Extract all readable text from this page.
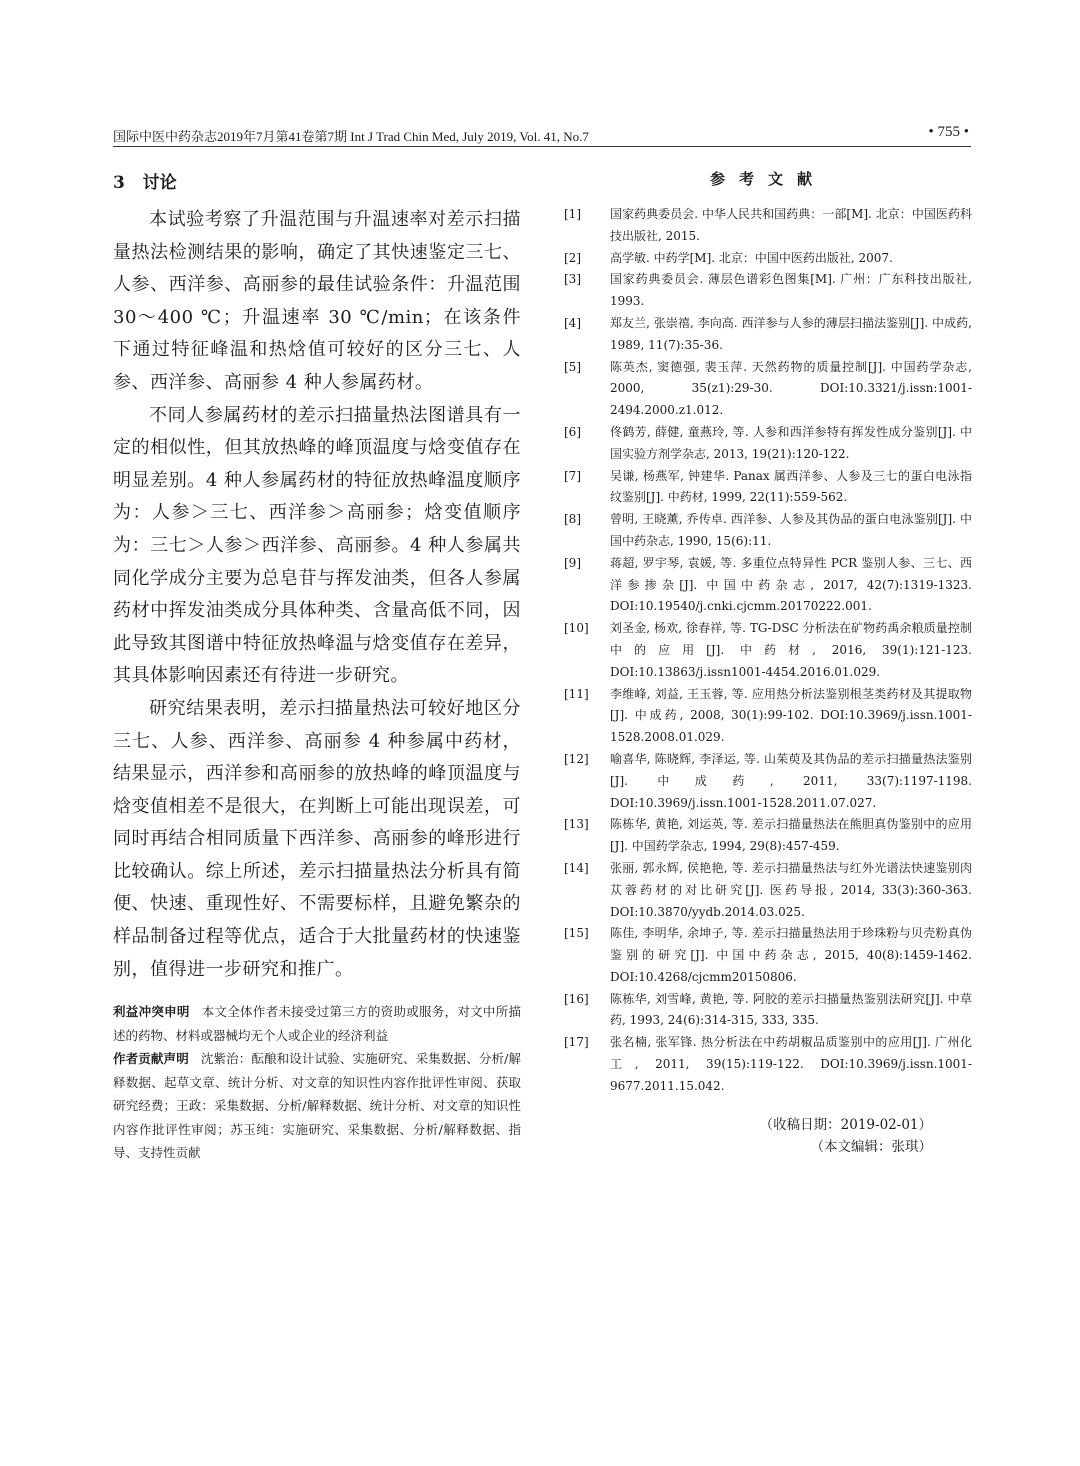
国际中医中药杂志2019年7月第41卷第7期 Int J Trad Chin Med, July 2019, Vol. 41, No.7	• 755 •
3 讨论

本试验考察了升温范围与升温速率对差示扫描量热法检测结果的影响，确定了其快速鉴定三七、人参、西洋参、高丽参的最佳试验条件：升温范围 30～400 ℃；升温速率 30 ℃/min；在该条件下通过特征峰温和热焓值可较好的区分三七、人参、西洋参、高丽参 4 种人参属药材。

不同人参属药材的差示扫描量热法图谱具有一定的相似性，但其放热峰的峰顶温度与焓变值存在明显差别。4 种人参属药材的特征放热峰温度顺序为：人参＞三七、西洋参＞高丽参；焓变值顺序为：三七＞人参＞西洋参、高丽参。4 种人参属共同化学成分主要为总皂苷与挥发油类，但各人参属药材中挥发油类成分具体种类、含量高低不同，因此导致其图谱中特征放热峰温与焓变值存在差异，其具体影响因素还有待进一步研究。

研究结果表明，差示扫描量热法可较好地区分三七、人参、西洋参、高丽参 4 种参属中药材，结果显示，西洋参和高丽参的放热峰的峰顶温度与焓变值相差不是很大，在判断上可能出现误差，可同时再结合相同质量下西洋参、高丽参的峰形进行比较确认。综上所述，差示扫描量热法分析具有简便、快速、重现性好、不需要标样，且避免繁杂的样品制备过程等优点，适合于大批量药材的快速鉴别，值得进一步研究和推广。

利益冲突申明 本文全体作者未接受过第三方的资助或服务，对文中所描述的药物、材料或器械均无个人或企业的经济利益

作者贡献声明 沈紫治：酝酿和设计试验、实施研究、采集数据、分析/解释数据、起草文章、统计分析、对文章的知识性内容作批评性审阅、获取研究经费；王政：采集数据、分析/解释数据、统计分析、对文章的知识性内容作批评性审阅；苏玉纯：实施研究、采集数据、分析/解释数据、指导、支持性贡献

参考文献
[1]	国家药典委员会. 中华人民共和国药典：一部[M]. 北京：中国医药科技出版社, 2015.
[2]	高学敏. 中药学[M]. 北京：中国中医药出版社, 2007.
[3]	国家药典委员会. 薄层色谱彩色图集[M]. 广州：广东科技出版社, 1993.
[4]	郑友兰, 张崇禧, 李向高. 西洋参与人参的薄层扫描法鉴别[J]. 中成药, 1989, 11(7):35-36.
[5]	陈英杰, 窦德强, 裴玉萍. 天然药物的质量控制[J]. 中国药学杂志, 2000, 35(z1):29-30. DOI:10.3321/j.issn:1001-2494.2000.z1.012.
[6]	佟鹤芳, 薛健, 童燕玲, 等. 人参和西洋参特有挥发性成分鉴别[J]. 中国实验方剂学杂志, 2013, 19(21):120-122.
[7]	吴谦, 杨燕军, 钟建华. Panax 属西洋参、人参及三七的蛋白电泳指纹鉴别[J]. 中药材, 1999, 22(11):559-562.
[8]	曾明, 王晓薰, 乔传卓. 西洋参、人参及其伪品的蛋白电泳鉴别[J]. 中国中药杂志, 1990, 15(6):11.
[9]	蒋超, 罗宇琴, 袁媛, 等. 多重位点特异性 PCR 鉴别人参、三七、西洋参掺杂[J]. 中国中药杂志, 2017, 42(7):1319-1323. DOI:10.19540/j.cnki.cjcmm.20170222.001.
[10]	刘圣金, 杨欢, 徐春祥, 等. TG-DSC 分析法在矿物药禹余粮质量控制中的应用[J]. 中药材, 2016, 39(1):121-123. DOI:10.13863/j.issn1001-4454.2016.01.029.
[11]	李维峰, 刘益, 王玉蓉, 等. 应用热分析法鉴别根茎类药材及其提取物[J]. 中成药, 2008, 30(1):99-102. DOI:10.3969/j.issn.1001-1528.2008.01.029.
[12]	喻喜华, 陈晓辉, 李泽运, 等. 山茱萸及其伪品的差示扫描量热法鉴别[J]. 中成药, 2011, 33(7):1197-1198. DOI:10.3969/j.issn.1001-1528.2011.07.027.
[13]	陈栋华, 黄艳, 刘运英, 等. 差示扫描量热法在熊胆真伪鉴别中的应用[J]. 中国药学杂志, 1994, 29(8):457-459.
[14]	张丽, 郭永辉, 侯艳艳, 等. 差示扫描量热法与红外光谱法快速鉴别肉苁蓉药材的对比研究[J]. 医药导报, 2014, 33(3):360-363. DOI:10.3870/yydb.2014.03.025.
[15]	陈佳, 李明华, 余坤子, 等. 差示扫描量热法用于珍珠粉与贝壳粉真伪鉴别的研究[J]. 中国中药杂志, 2015, 40(8):1459-1462. DOI:10.4268/cjcmm20150806.
[16]	陈栋华, 刘雪峰, 黄艳, 等. 阿胶的差示扫描量热鉴别法研究[J]. 中草药, 1993, 24(6):314-315, 333, 335.
[17]	张名楠, 张军锋. 热分析法在中药胡椒品质鉴别中的应用[J]. 广州化工, 2011, 39(15):119-122. DOI:10.3969/j.issn.1001-9677.2011.15.042.
（收稿日期：2019-02-01）
（本文编辑：张琪）
